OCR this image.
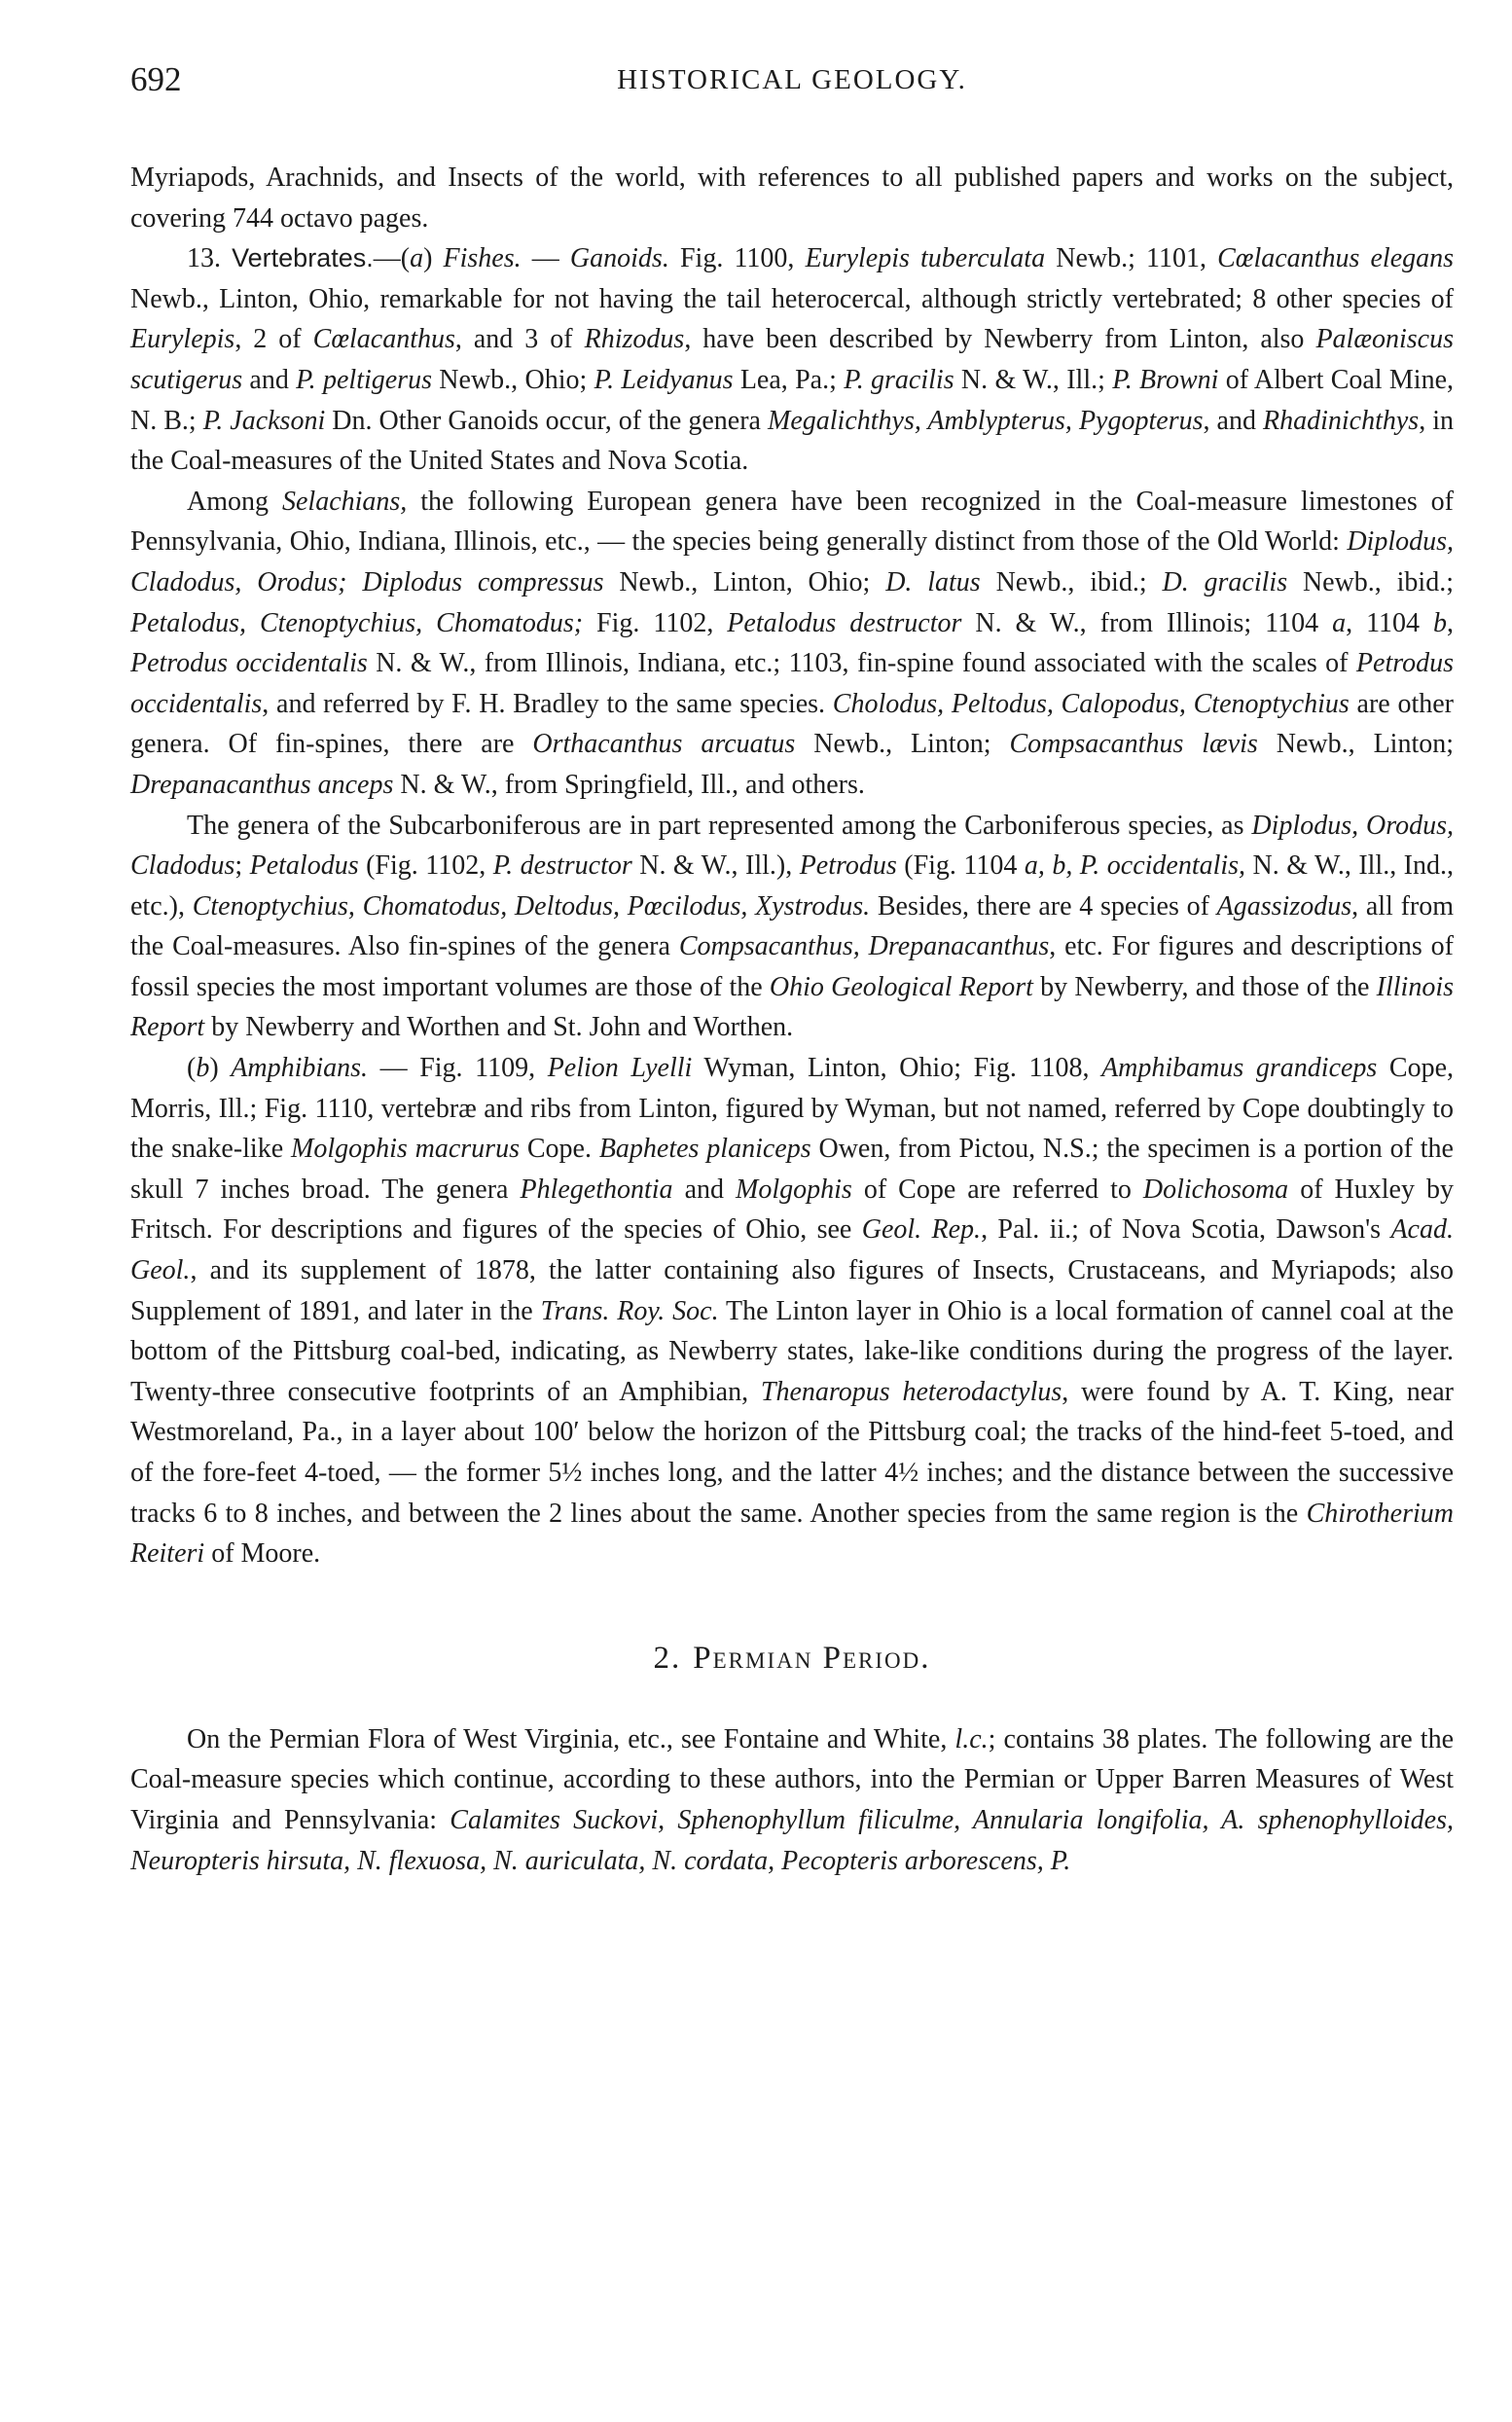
692	HISTORICAL GEOLOGY.

Myriapods, Arachnids, and Insects of the world, with references to all published papers and works on the subject, covering 744 octavo pages.

13. Vertebrates.—(a) Fishes. — Ganoids. Fig. 1100, Eurylepis tuberculata Newb.; 1101, Cœlacanthus elegans Newb., Linton, Ohio, remarkable for not having the tail heterocercal, although strictly vertebrated; 8 other species of Eurylepis, 2 of Cœlacanthus, and 3 of Rhizodus, have been described by Newberry from Linton, also Palæoniscus scutigerus and P. peltigerus Newb., Ohio; P. Leidyanus Lea, Pa.; P. gracilis N. & W., Ill.; P. Browni of Albert Coal Mine, N. B.; P. Jacksoni Dn. Other Ganoids occur, of the genera Megalichthys, Amblypterus, Pygopterus, and Rhadinichthys, in the Coal-measures of the United States and Nova Scotia.

Among Selachians, the following European genera have been recognized in the Coal-measure limestones of Pennsylvania, Ohio, Indiana, Illinois, etc., — the species being generally distinct from those of the Old World: Diplodus, Cladodus, Orodus; Diplodus compressus Newb., Linton, Ohio; D. latus Newb., ibid.; D. gracilis Newb., ibid.; Petalodus, Ctenoptychius, Chomatodus; Fig. 1102, Petalodus destructor N. & W., from Illinois; 1104 a, 1104 b, Petrodus occidentalis N. & W., from Illinois, Indiana, etc.; 1103, fin-spine found associated with the scales of Petrodus occidentalis, and referred by F. H. Bradley to the same species. Cholodus, Peltodus, Calopodus, Ctenoptychius are other genera. Of fin-spines, there are Orthacanthus arcuatus Newb., Linton; Compsacanthus lævis Newb., Linton; Drepanacanthus anceps N. & W., from Springfield, Ill., and others.

The genera of the Subcarboniferous are in part represented among the Carboniferous species, as Diplodus, Orodus, Cladodus; Petalodus (Fig. 1102, P. destructor N. & W., Ill.), Petrodus (Fig. 1104 a, b, P. occidentalis, N. & W., Ill., Ind., etc.), Ctenoptychius, Chomatodus, Deltodus, Pœcilodus, Xystrodus. Besides, there are 4 species of Agassizodus, all from the Coal-measures. Also fin-spines of the genera Compsacanthus, Drepanacanthus, etc. For figures and descriptions of fossil species the most important volumes are those of the Ohio Geological Report by Newberry, and those of the Illinois Report by Newberry and Worthen and St. John and Worthen.

(b) Amphibians. — Fig. 1109, Pelion Lyelli Wyman, Linton, Ohio; Fig. 1108, Amphibamus grandiceps Cope, Morris, Ill.; Fig. 1110, vertebræ and ribs from Linton, figured by Wyman, but not named, referred by Cope doubtingly to the snake-like Molgophis macrurus Cope. Baphetes planiceps Owen, from Pictou, N.S.; the specimen is a portion of the skull 7 inches broad. The genera Phlegethontia and Molgophis of Cope are referred to Dolichosoma of Huxley by Fritsch. For descriptions and figures of the species of Ohio, see Geol. Rep., Pal. ii.; of Nova Scotia, Dawson's Acad. Geol., and its supplement of 1878, the latter containing also figures of Insects, Crustaceans, and Myriapods; also Supplement of 1891, and later in the Trans. Roy. Soc. The Linton layer in Ohio is a local formation of cannel coal at the bottom of the Pittsburg coal-bed, indicating, as Newberry states, lake-like conditions during the progress of the layer. Twenty-three consecutive footprints of an Amphibian, Thenaropus heterodactylus, were found by A. T. King, near Westmoreland, Pa., in a layer about 100′ below the horizon of the Pittsburg coal; the tracks of the hind-feet 5-toed, and of the fore-feet 4-toed, — the former 5½ inches long, and the latter 4½ inches; and the distance between the successive tracks 6 to 8 inches, and between the 2 lines about the same. Another species from the same region is the Chirotherium Reiteri of Moore.

2. Permian Period.

On the Permian Flora of West Virginia, etc., see Fontaine and White, l.c.; contains 38 plates. The following are the Coal-measure species which continue, according to these authors, into the Permian or Upper Barren Measures of West Virginia and Pennsylvania: Calamites Suckovi, Sphenophyllum filiculme, Annularia longifolia, A. sphenophylloides, Neuropteris hirsuta, N. flexuosa, N. auriculata, N. cordata, Pecopteris arborescens, P.
